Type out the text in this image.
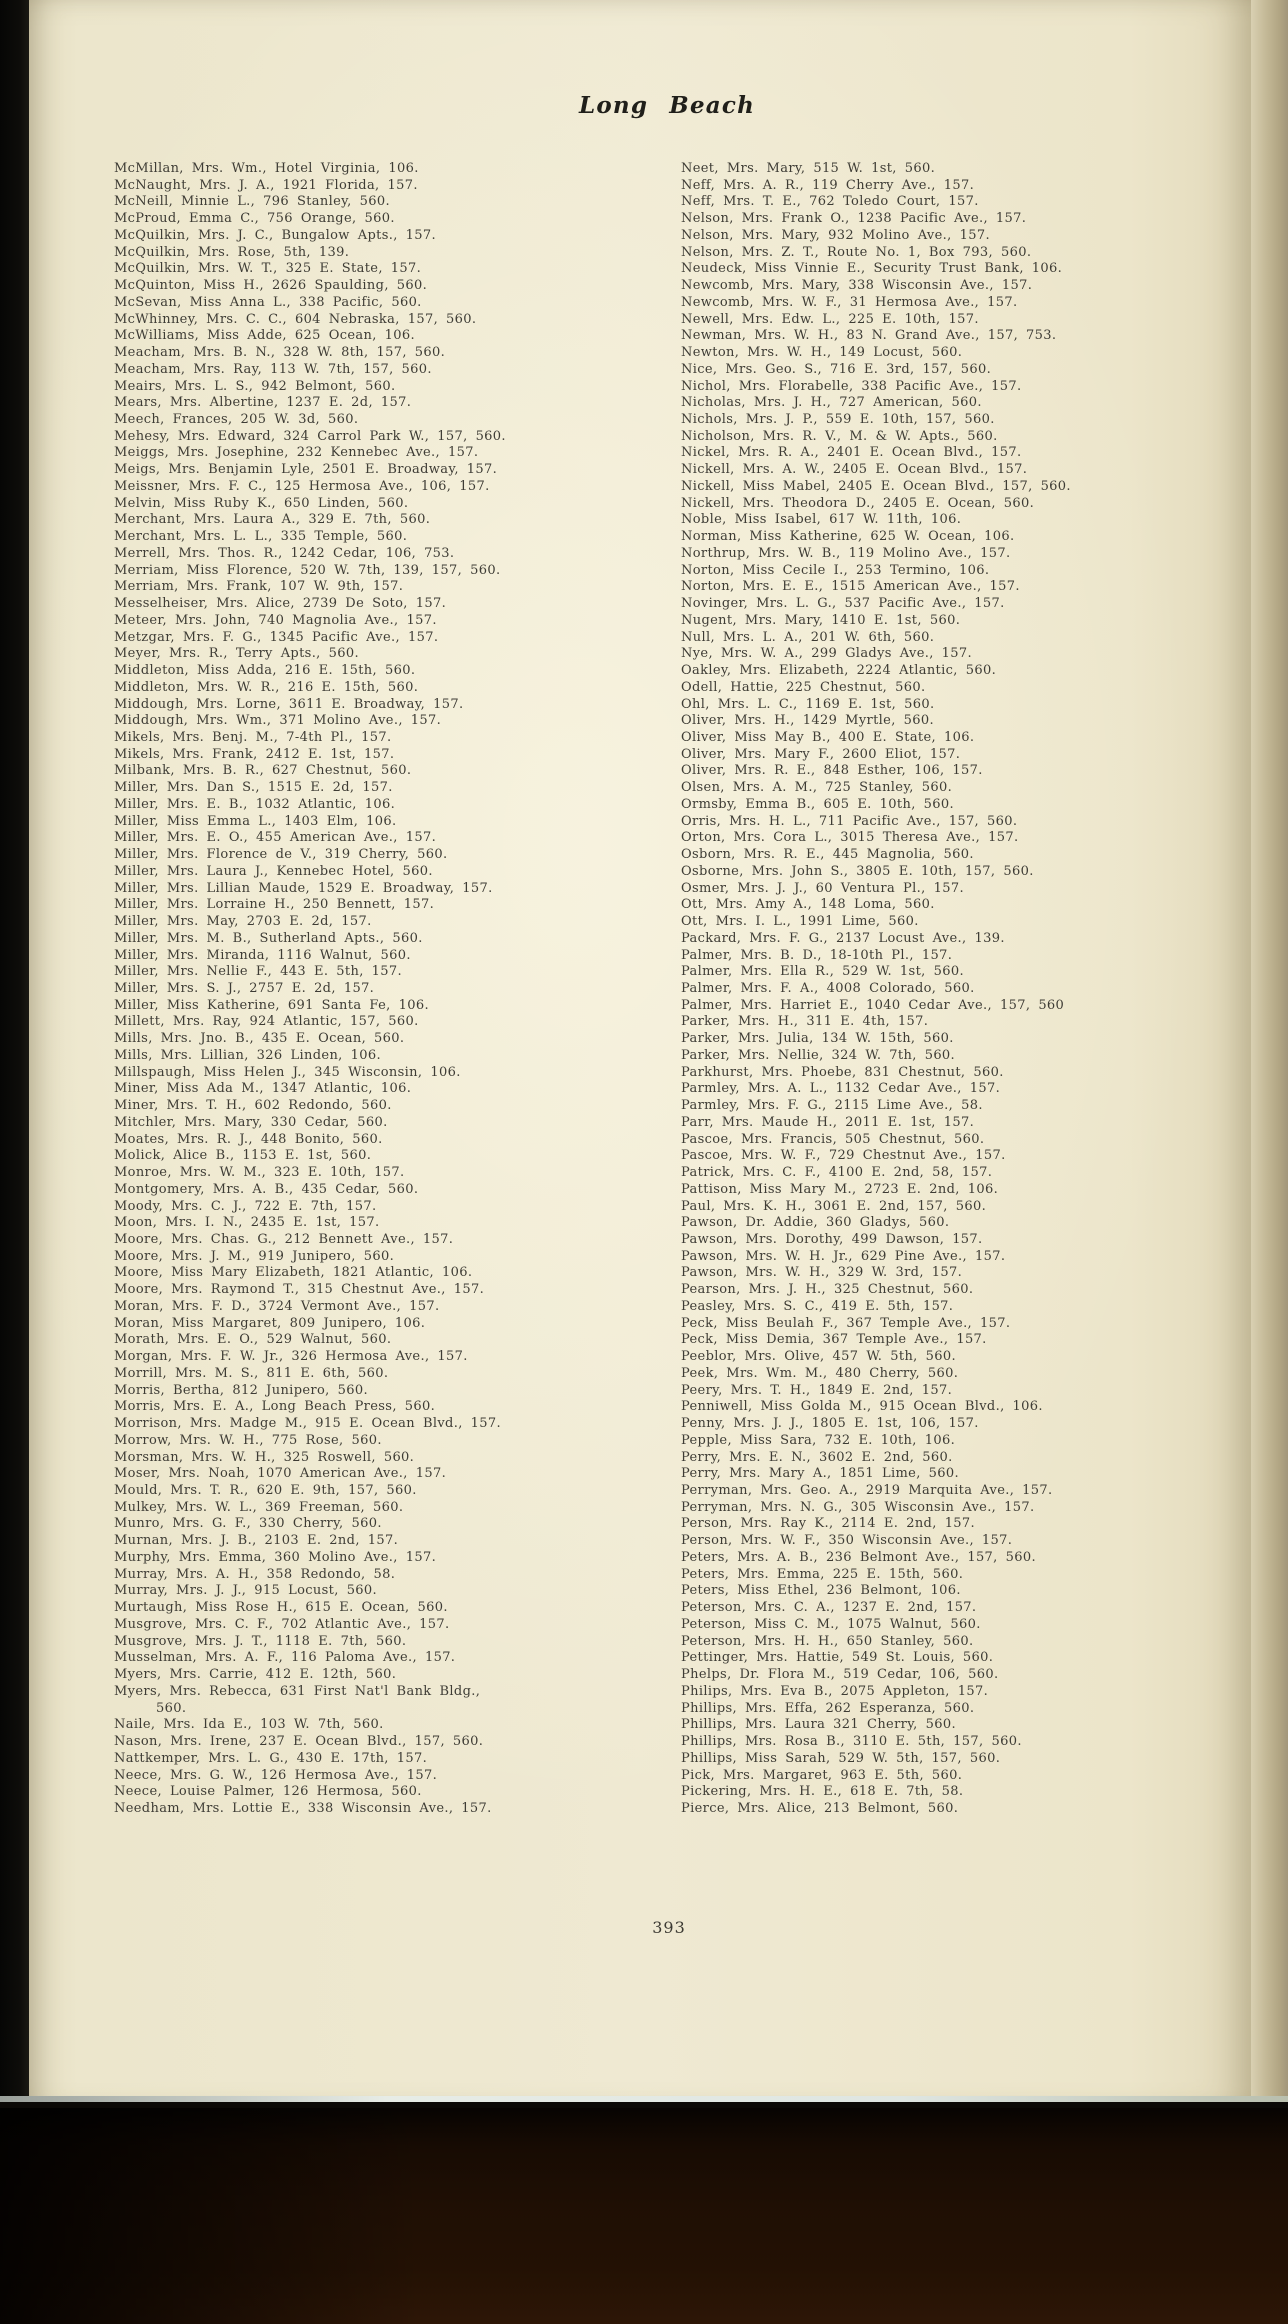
Long Beach
McMillan, Mrs. Wm., Hotel Virginia, 106.
McNaught, Mrs. J. A., 1921 Florida, 157.
McNeill, Minnie L., 796 Stanley, 560.
McProud, Emma C., 756 Orange, 560.
McQuilkin, Mrs. J. C., Bungalow Apts., 157.
McQuilkin, Mrs. Rose, 5th, 139.
McQuilkin, Mrs. W. T., 325 E. State, 157.
McQuinton, Miss H., 2626 Spaulding, 560.
McSevan, Miss Anna L., 338 Pacific, 560.
McWhinney, Mrs. C. C., 604 Nebraska, 157, 560.
McWilliams, Miss Adde, 625 Ocean, 106.
Meacham, Mrs. B. N., 328 W. 8th, 157, 560.
Meacham, Mrs. Ray, 113 W. 7th, 157, 560.
Meairs, Mrs. L. S., 942 Belmont, 560.
Mears, Mrs. Albertine, 1237 E. 2d, 157.
Meech, Frances, 205 W. 3d, 560.
Mehesy, Mrs. Edward, 324 Carrol Park W., 157, 560.
Meiggs, Mrs. Josephine, 232 Kennebec Ave., 157.
Meigs, Mrs. Benjamin Lyle, 2501 E. Broadway, 157.
Meissner, Mrs. F. C., 125 Hermosa Ave., 106, 157.
Melvin, Miss Ruby K., 650 Linden, 560.
Merchant, Mrs. Laura A., 329 E. 7th, 560.
Merchant, Mrs. L. L., 335 Temple, 560.
Merrell, Mrs. Thos. R., 1242 Cedar, 106, 753.
Merriam, Miss Florence, 520 W. 7th, 139, 157, 560.
Merriam, Mrs. Frank, 107 W. 9th, 157.
Messelheiser, Mrs. Alice, 2739 De Soto, 157.
Meteer, Mrs. John, 740 Magnolia Ave., 157.
Metzgar, Mrs. F. G., 1345 Pacific Ave., 157.
Meyer, Mrs. R., Terry Apts., 560.
Middleton, Miss Adda, 216 E. 15th, 560.
Middleton, Mrs. W. R., 216 E. 15th, 560.
Middough, Mrs. Lorne, 3611 E. Broadway, 157.
Middough, Mrs. Wm., 371 Molino Ave., 157.
Mikels, Mrs. Benj. M., 7-4th Pl., 157.
Mikels, Mrs. Frank, 2412 E. 1st, 157.
Milbank, Mrs. B. R., 627 Chestnut, 560.
Miller, Mrs. Dan S., 1515 E. 2d, 157.
Miller, Mrs. E. B., 1032 Atlantic, 106.
Miller, Miss Emma L., 1403 Elm, 106.
Miller, Mrs. E. O., 455 American Ave., 157.
Miller, Mrs. Florence de V., 319 Cherry, 560.
Miller, Mrs. Laura J., Kennebec Hotel, 560.
Miller, Mrs. Lillian Maude, 1529 E. Broadway, 157.
Miller, Mrs. Lorraine H., 250 Bennett, 157.
Miller, Mrs. May, 2703 E. 2d, 157.
Miller, Mrs. M. B., Sutherland Apts., 560.
Miller, Mrs. Miranda, 1116 Walnut, 560.
Miller, Mrs. Nellie F., 443 E. 5th, 157.
Miller, Mrs. S. J., 2757 E. 2d, 157.
Miller, Miss Katherine, 691 Santa Fe, 106.
Millett, Mrs. Ray, 924 Atlantic, 157, 560.
Mills, Mrs. Jno. B., 435 E. Ocean, 560.
Mills, Mrs. Lillian, 326 Linden, 106.
Millspaugh, Miss Helen J., 345 Wisconsin, 106.
Miner, Miss Ada M., 1347 Atlantic, 106.
Miner, Mrs. T. H., 602 Redondo, 560.
Mitchler, Mrs. Mary, 330 Cedar, 560.
Moates, Mrs. R. J., 448 Bonito, 560.
Molick, Alice B., 1153 E. 1st, 560.
Monroe, Mrs. W. M., 323 E. 10th, 157.
Montgomery, Mrs. A. B., 435 Cedar, 560.
Moody, Mrs. C. J., 722 E. 7th, 157.
Moon, Mrs. I. N., 2435 E. 1st, 157.
Moore, Mrs. Chas. G., 212 Bennett Ave., 157.
Moore, Mrs. J. M., 919 Junipero, 560.
Moore, Miss Mary Elizabeth, 1821 Atlantic, 106.
Moore, Mrs. Raymond T., 315 Chestnut Ave., 157.
Moran, Mrs. F. D., 3724 Vermont Ave., 157.
Moran, Miss Margaret, 809 Junipero, 106.
Morath, Mrs. E. O., 529 Walnut, 560.
Morgan, Mrs. F. W. Jr., 326 Hermosa Ave., 157.
Morrill, Mrs. M. S., 811 E. 6th, 560.
Morris, Bertha, 812 Junipero, 560.
Morris, Mrs. E. A., Long Beach Press, 560.
Morrison, Mrs. Madge M., 915 E. Ocean Blvd., 157.
Morrow, Mrs. W. H., 775 Rose, 560.
Morsman, Mrs. W. H., 325 Roswell, 560.
Moser, Mrs. Noah, 1070 American Ave., 157.
Mould, Mrs. T. R., 620 E. 9th, 157, 560.
Mulkey, Mrs. W. L., 369 Freeman, 560.
Munro, Mrs. G. F., 330 Cherry, 560.
Murnan, Mrs. J. B., 2103 E. 2nd, 157.
Murphy, Mrs. Emma, 360 Molino Ave., 157.
Murray, Mrs. A. H., 358 Redondo, 58.
Murray, Mrs. J. J., 915 Locust, 560.
Murtaugh, Miss Rose H., 615 E. Ocean, 560.
Musgrove, Mrs. C. F., 702 Atlantic Ave., 157.
Musgrove, Mrs. J. T., 1118 E. 7th, 560.
Musselman, Mrs. A. F., 116 Paloma Ave., 157.
Myers, Mrs. Carrie, 412 E. 12th, 560.
Myers, Mrs. Rebecca, 631 First Nat'l Bank Bldg.,
560.
Naile, Mrs. Ida E., 103 W. 7th, 560.
Nason, Mrs. Irene, 237 E. Ocean Blvd., 157, 560.
Nattkemper, Mrs. L. G., 430 E. 17th, 157.
Neece, Mrs. G. W., 126 Hermosa Ave., 157.
Neece, Louise Palmer, 126 Hermosa, 560.
Needham, Mrs. Lottie E., 338 Wisconsin Ave., 157.
Neet, Mrs. Mary, 515 W. 1st, 560.
Neff, Mrs. A. R., 119 Cherry Ave., 157.
Neff, Mrs. T. E., 762 Toledo Court, 157.
Nelson, Mrs. Frank O., 1238 Pacific Ave., 157.
Nelson, Mrs. Mary, 932 Molino Ave., 157.
Nelson, Mrs. Z. T., Route No. 1, Box 793, 560.
Neudeck, Miss Vinnie E., Security Trust Bank, 106.
Newcomb, Mrs. Mary, 338 Wisconsin Ave., 157.
Newcomb, Mrs. W. F., 31 Hermosa Ave., 157.
Newell, Mrs. Edw. L., 225 E. 10th, 157.
Newman, Mrs. W. H., 83 N. Grand Ave., 157, 753.
Newton, Mrs. W. H., 149 Locust, 560.
Nice, Mrs. Geo. S., 716 E. 3rd, 157, 560.
Nichol, Mrs. Florabelle, 338 Pacific Ave., 157.
Nicholas, Mrs. J. H., 727 American, 560.
Nichols, Mrs. J. P., 559 E. 10th, 157, 560.
Nicholson, Mrs. R. V., M. & W. Apts., 560.
Nickel, Mrs. R. A., 2401 E. Ocean Blvd., 157.
Nickell, Mrs. A. W., 2405 E. Ocean Blvd., 157.
Nickell, Miss Mabel, 2405 E. Ocean Blvd., 157, 560.
Nickell, Mrs. Theodora D., 2405 E. Ocean, 560.
Noble, Miss Isabel, 617 W. 11th, 106.
Norman, Miss Katherine, 625 W. Ocean, 106.
Northrup, Mrs. W. B., 119 Molino Ave., 157.
Norton, Miss Cecile I., 253 Termino, 106.
Norton, Mrs. E. E., 1515 American Ave., 157.
Novinger, Mrs. L. G., 537 Pacific Ave., 157.
Nugent, Mrs. Mary, 1410 E. 1st, 560.
Null, Mrs. L. A., 201 W. 6th, 560.
Nye, Mrs. W. A., 299 Gladys Ave., 157.
Oakley, Mrs. Elizabeth, 2224 Atlantic, 560.
Odell, Hattie, 225 Chestnut, 560.
Ohl, Mrs. L. C., 1169 E. 1st, 560.
Oliver, Mrs. H., 1429 Myrtle, 560.
Oliver, Miss May B., 400 E. State, 106.
Oliver, Mrs. Mary F., 2600 Eliot, 157.
Oliver, Mrs. R. E., 848 Esther, 106, 157.
Olsen, Mrs. A. M., 725 Stanley, 560.
Ormsby, Emma B., 605 E. 10th, 560.
Orris, Mrs. H. L., 711 Pacific Ave., 157, 560.
Orton, Mrs. Cora L., 3015 Theresa Ave., 157.
Osborn, Mrs. R. E., 445 Magnolia, 560.
Osborne, Mrs. John S., 3805 E. 10th, 157, 560.
Osmer, Mrs. J. J., 60 Ventura Pl., 157.
Ott, Mrs. Amy A., 148 Loma, 560.
Ott, Mrs. I. L., 1991 Lime, 560.
Packard, Mrs. F. G., 2137 Locust Ave., 139.
Palmer, Mrs. B. D., 18-10th Pl., 157.
Palmer, Mrs. Ella R., 529 W. 1st, 560.
Palmer, Mrs. F. A., 4008 Colorado, 560.
Palmer, Mrs. Harriet E., 1040 Cedar Ave., 157, 560
Parker, Mrs. H., 311 E. 4th, 157.
Parker, Mrs. Julia, 134 W. 15th, 560.
Parker, Mrs. Nellie, 324 W. 7th, 560.
Parkhurst, Mrs. Phoebe, 831 Chestnut, 560.
Parmley, Mrs. A. L., 1132 Cedar Ave., 157.
Parmley, Mrs. F. G., 2115 Lime Ave., 58.
Parr, Mrs. Maude H., 2011 E. 1st, 157.
Pascoe, Mrs. Francis, 505 Chestnut, 560.
Pascoe, Mrs. W. F., 729 Chestnut Ave., 157.
Patrick, Mrs. C. F., 4100 E. 2nd, 58, 157.
Pattison, Miss Mary M., 2723 E. 2nd, 106.
Paul, Mrs. K. H., 3061 E. 2nd, 157, 560.
Pawson, Dr. Addie, 360 Gladys, 560.
Pawson, Mrs. Dorothy, 499 Dawson, 157.
Pawson, Mrs. W. H. Jr., 629 Pine Ave., 157.
Pawson, Mrs. W. H., 329 W. 3rd, 157.
Pearson, Mrs. J. H., 325 Chestnut, 560.
Peasley, Mrs. S. C., 419 E. 5th, 157.
Peck, Miss Beulah F., 367 Temple Ave., 157.
Peck, Miss Demia, 367 Temple Ave., 157.
Peeblor, Mrs. Olive, 457 W. 5th, 560.
Peek, Mrs. Wm. M., 480 Cherry, 560.
Peery, Mrs. T. H., 1849 E. 2nd, 157.
Penniwell, Miss Golda M., 915 Ocean Blvd., 106.
Penny, Mrs. J. J., 1805 E. 1st, 106, 157.
Pepple, Miss Sara, 732 E. 10th, 106.
Perry, Mrs. E. N., 3602 E. 2nd, 560.
Perry, Mrs. Mary A., 1851 Lime, 560.
Perryman, Mrs. Geo. A., 2919 Marquita Ave., 157.
Perryman, Mrs. N. G., 305 Wisconsin Ave., 157.
Person, Mrs. Ray K., 2114 E. 2nd, 157.
Person, Mrs. W. F., 350 Wisconsin Ave., 157.
Peters, Mrs. A. B., 236 Belmont Ave., 157, 560.
Peters, Mrs. Emma, 225 E. 15th, 560.
Peters, Miss Ethel, 236 Belmont, 106.
Peterson, Mrs. C. A., 1237 E. 2nd, 157.
Peterson, Miss C. M., 1075 Walnut, 560.
Peterson, Mrs. H. H., 650 Stanley, 560.
Pettinger, Mrs. Hattie, 549 St. Louis, 560.
Phelps, Dr. Flora M., 519 Cedar, 106, 560.
Philips, Mrs. Eva B., 2075 Appleton, 157.
Phillips, Mrs. Effa, 262 Esperanza, 560.
Phillips, Mrs. Laura 321 Cherry, 560.
Phillips, Mrs. Rosa B., 3110 E. 5th, 157, 560.
Phillips, Miss Sarah, 529 W. 5th, 157, 560.
Pick, Mrs. Margaret, 963 E. 5th, 560.
Pickering, Mrs. H. E., 618 E. 7th, 58.
Pierce, Mrs. Alice, 213 Belmont, 560.
393
